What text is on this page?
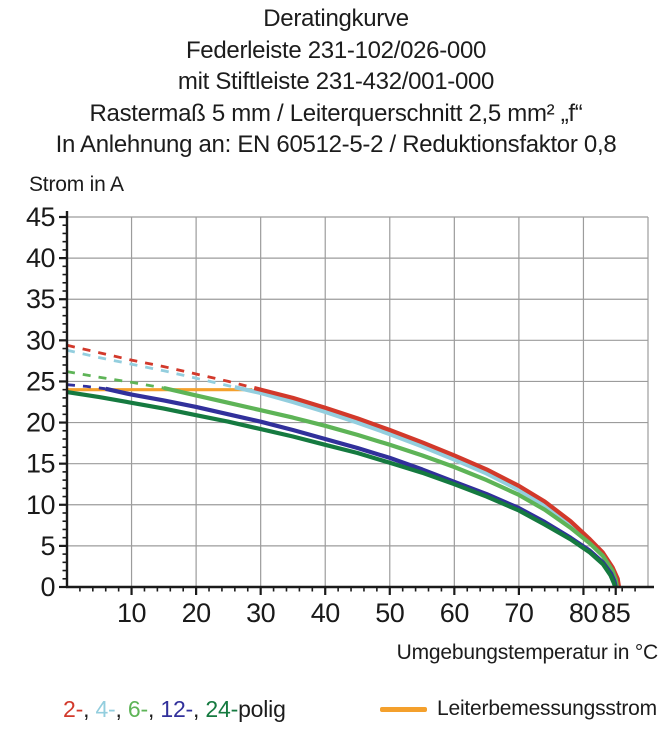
Deratingkurve
Federleiste 231-102/026-000
mit Stiftleiste 231-432/001-000
Rastermaß 5 mm / Leiterquerschnitt 2,5 mm² „f“
In Anlehnung an: EN 60512-5-2 / Reduktionsfaktor 0,8
Strom in A
0
5
10
15
20
25
30
35
40
45
10 20 30 40 50 60 70 80 85
Umgebungstemperatur in °C
2-, 4-, 6-, 12-, 24-polig	Leiterbemessungsstrom
